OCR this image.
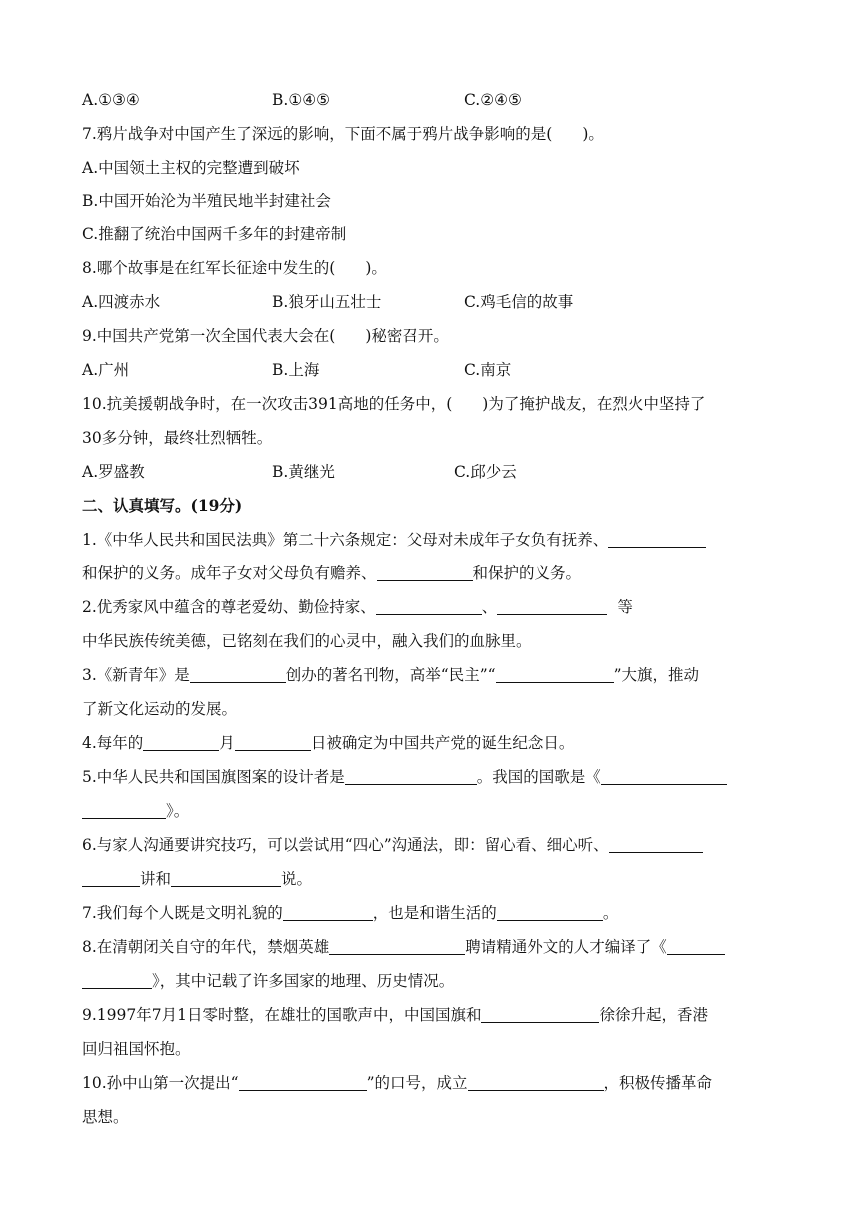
A.①③④	B.①④⑤	C.②④⑤
7.鸦片战争对中国产生了深远的影响，下面不属于鸦片战争影响的是( )。
A.中国领土主权的完整遭到破坏
B.中国开始沦为半殖民地半封建社会
C.推翻了统治中国两千多年的封建帝制
8.哪个故事是在红军长征途中发生的( )。
A.四渡赤水	B.狼牙山五壮士	C.鸡毛信的故事
9.中国共产党第一次全国代表大会在( )秘密召开。
A.广州	B.上海	C.南京
10.抗美援朝战争时，在一次攻击391高地的任务中，( )为了掩护战友，在烈火中坚持了
30多分钟，最终壮烈牺牲。
A.罗盛教	B.黄继光	C.邱少云
二、认真填写。(19分)
1.《中华人民共和国民法典》第二十六条规定：父母对未成年子女负有抚养、
和保护的义务。成年子女对父母负有赡养、	和保护的义务。
2.优秀家风中蕴含的尊老爱幼、勤俭持家、	、	等
中华民族传统美德，已铭刻在我们的心灵中，融入我们的血脉里。
3.《新青年》是	创办的著名刊物，高举“民主”“	”大旗，推动
了新文化运动的发展。
4.每年的	月	日被确定为中国共产党的诞生纪念日。
5.中华人民共和国国旗图案的设计者是	。我国的国歌是《
》。
6.与家人沟通要讲究技巧，可以尝试用“四心”沟通法，即：留心看、细心听、
讲和	说。
7.我们每个人既是文明礼貌的	，也是和谐生活的	。
8.在清朝闭关自守的年代，禁烟英雄	聘请精通外文的人才编译了《
》，其中记载了许多国家的地理、历史情况。
9.1997年7月1日零时整，在雄壮的国歌声中，中国国旗和	徐徐升起，香港
回归祖国怀抱。
10.孙中山第一次提出“	”的口号，成立	，积极传播革命
思想。
